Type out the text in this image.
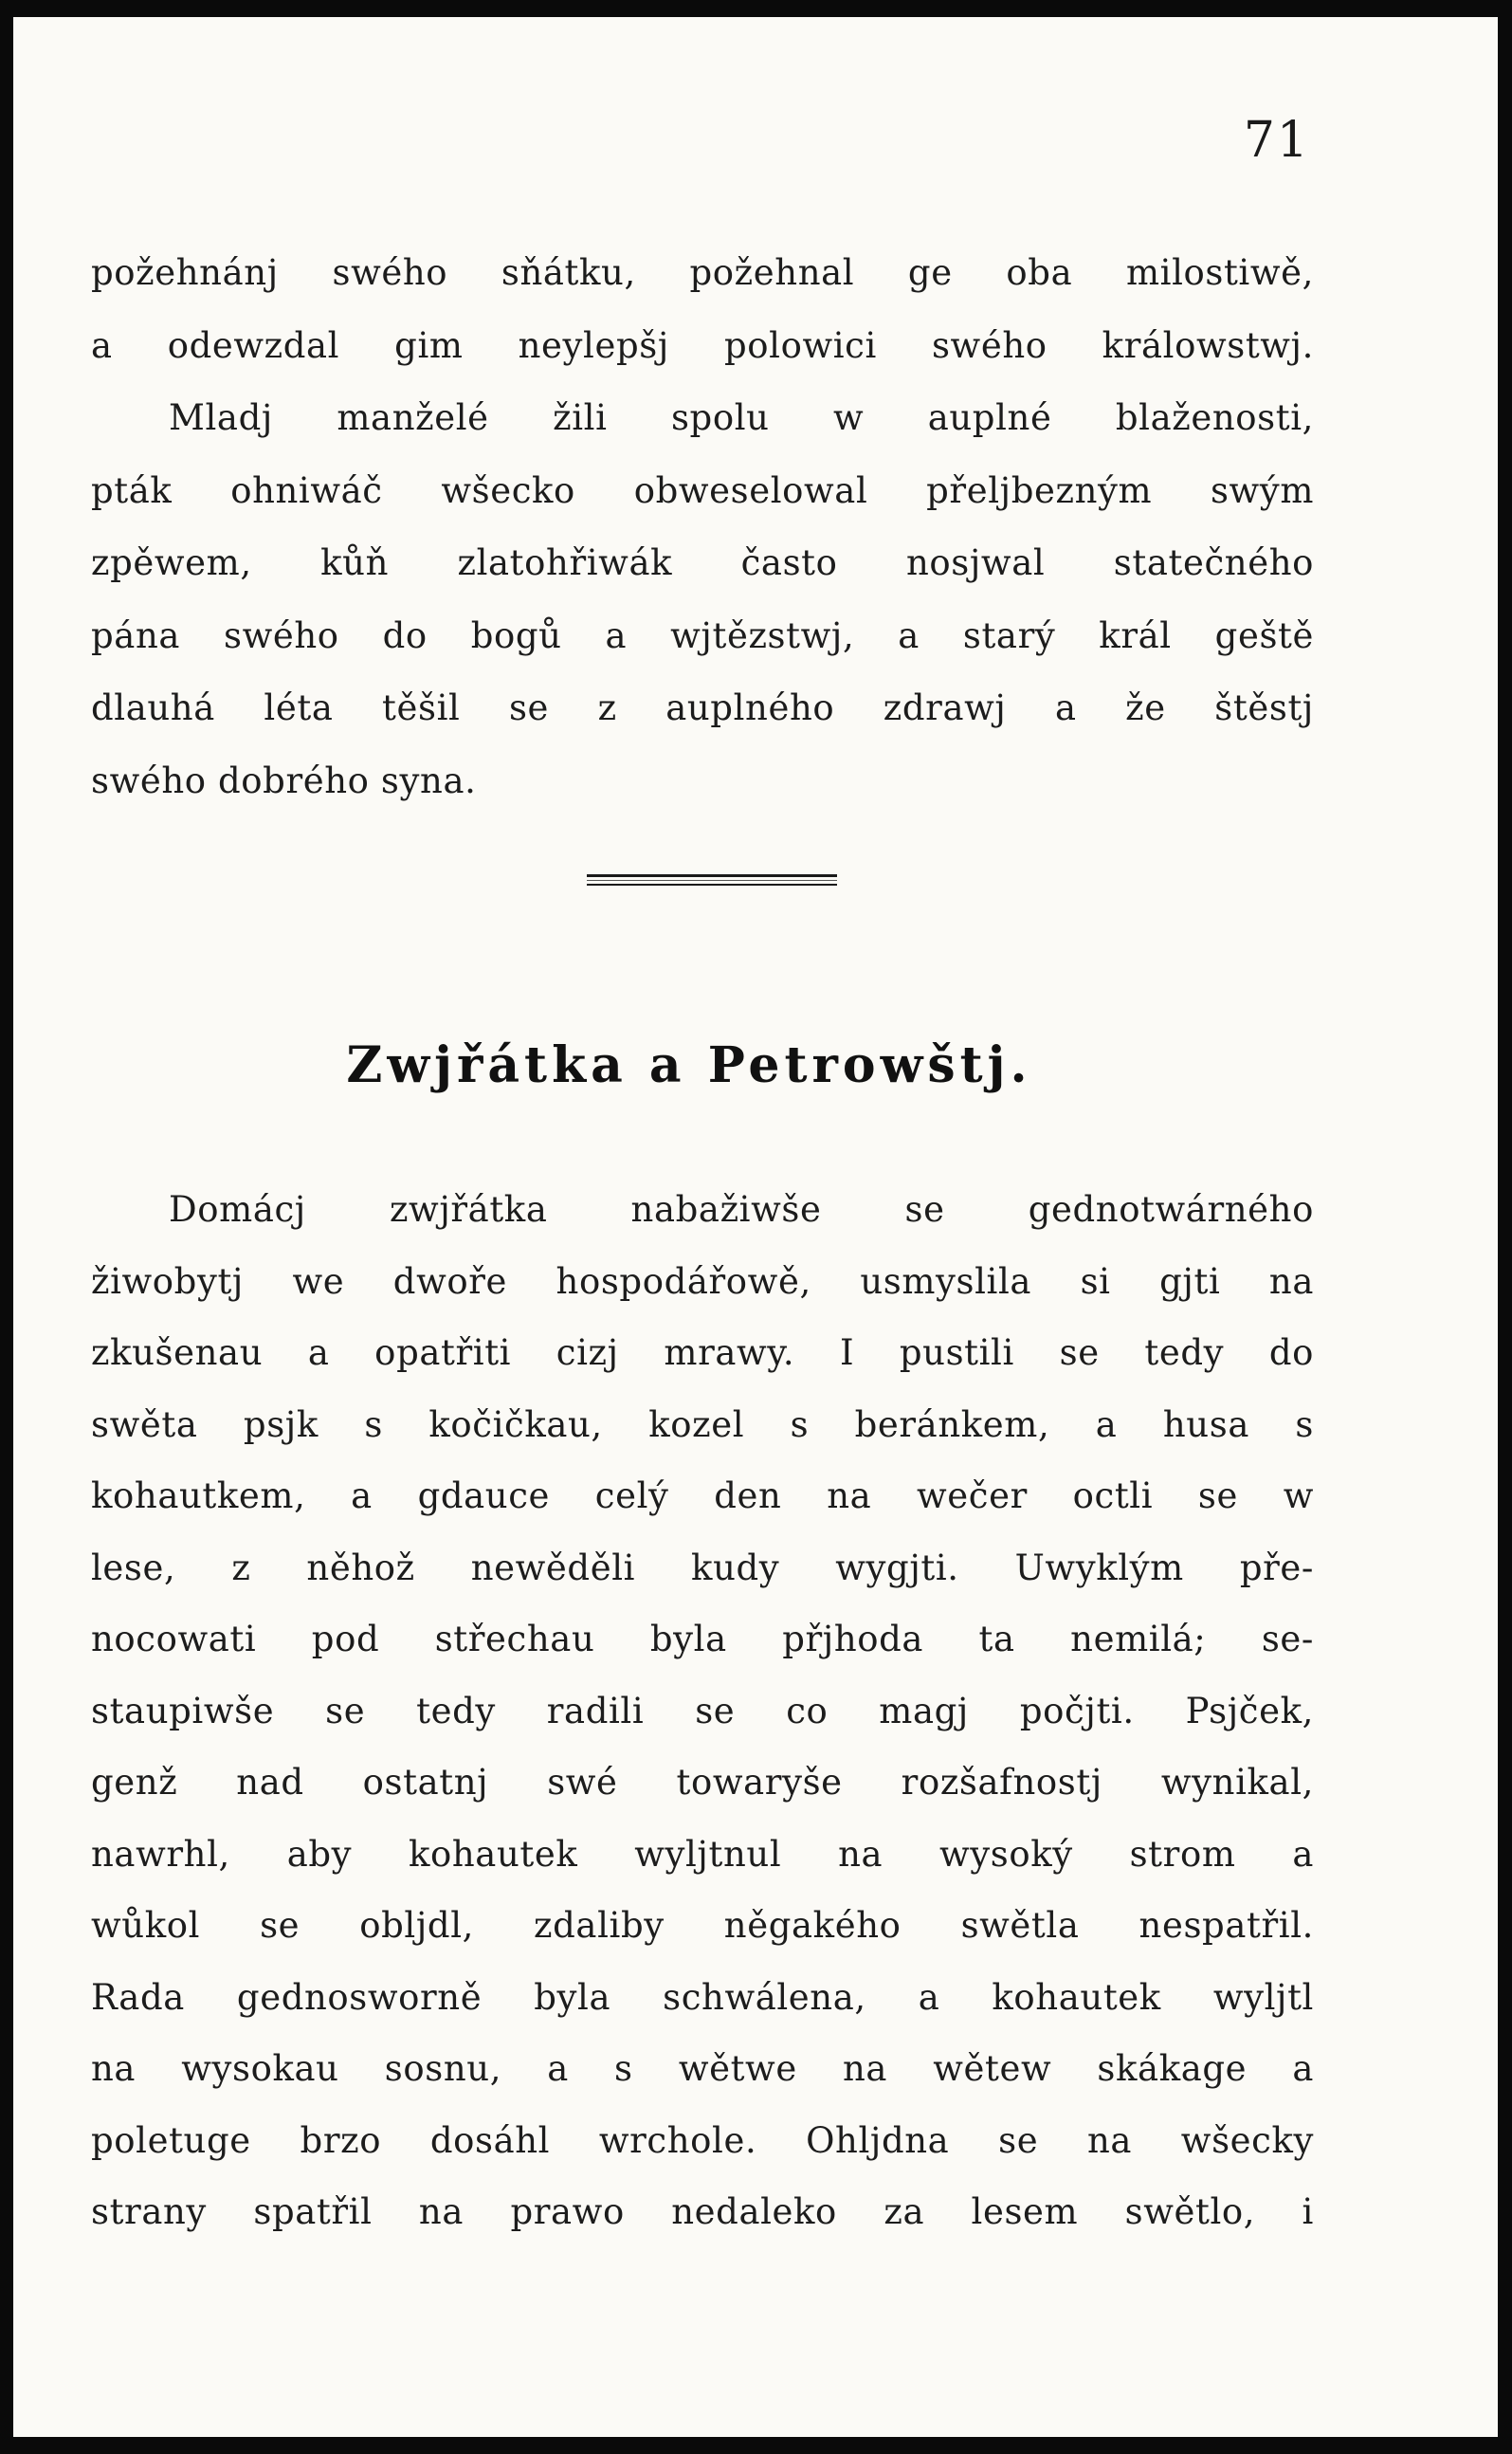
71
požehnánj swého sňátku, požehnal ge oba milostiwě,
a odewzdal gim neylepšj polowici swého králowstwj.
Mladj manželé žili spolu w auplné blaženosti,
pták ohniwáč wšecko obweselowal přeljbezným swým
zpěwem, kůň zlatohřiwák často nosjwal statečného
pána swého do bogů a wjtězstwj, a starý král geště
dlauhá léta těšil se z auplného zdrawj a že štěstj
swého dobrého syna.
Zwjřátka a Petrowštj.
Domácj zwjřátka nabažiwše se gednotwárného
žiwobytj we dwoře hospodářowě, usmyslila si gjti na
zkušenau a opatřiti cizj mrawy. I pustili se tedy do
swěta psjk s kočičkau, kozel s beránkem, a husa s
kohautkem, a gdauce celý den na wečer octli se w
lese, z něhož newěděli kudy wygjti. Uwyklým pře-
nocowati pod střechau byla přjhoda ta nemilá; se-
staupiwše se tedy radili se co magj počjti. Psjček,
genž nad ostatnj swé towaryše rozšafnostj wynikal,
nawrhl, aby kohautek wyljtnul na wysoký strom a
wůkol se obljdl, zdaliby něgakého swětla nespatřil.
Rada gednosworně byla schwálena, a kohautek wyljtl
na wysokau sosnu, a s wětwe na wětew skákage a
poletuge brzo dosáhl wrchole. Ohljdna se na wšecky
strany spatřil na prawo nedaleko za lesem swětlo, i
